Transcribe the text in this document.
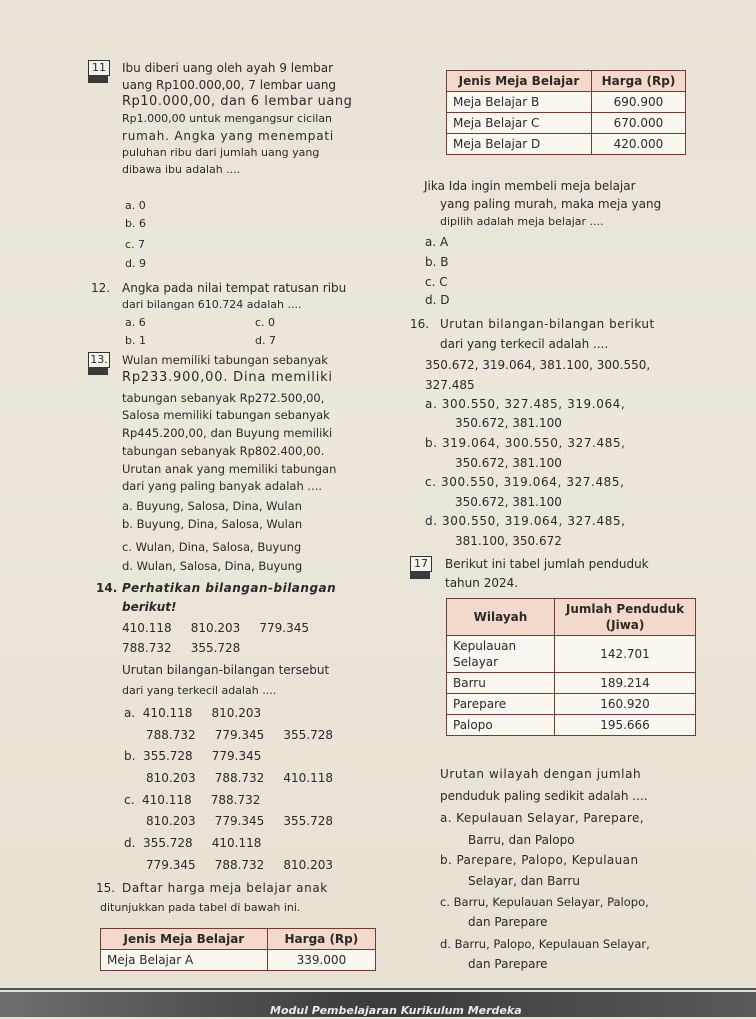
11	Ibu diberi uang oleh ayah 9 lembar
uang Rp100.000,00, 7 lembar uang
Rp10.000,00, dan 6 lembar uang
Rp1.000,00 untuk mengangsur cicilan
rumah. Angka yang menempati
puluhan ribu dari jumlah uang yang
dibawa ibu adalah ....
a. 0
b. 6
c. 7
d. 9
12. Angka pada nilai tempat ratusan ribu
dari bilangan 610.724 adalah ....
a. 6
b. 1
c. 0
d. 7
13. Wulan memiliki tabungan sebanyak
Rp233.900,00. Dina memiliki
tabungan sebanyak Rp272.500,00,
Salosa memiliki tabungan sebanyak
Rp445.200,00, dan Buyung memiliki
tabungan sebanyak Rp802.400,00.
Urutan anak yang memiliki tabungan
dari yang paling banyak adalah ....
a. Buyung, Salosa, Dina, Wulan
b. Buyung, Dina, Salosa, Wulan
c. Wulan, Dina, Salosa, Buyung
d. Wulan, Salosa, Dina, Buyung
14. Perhatikan bilangan-bilangan
berikut!
410.118     810.203     779.345
788.732     355.728
Urutan bilangan-bilangan tersebut
dari yang terkecil adalah ....
a.  410.118     810.203
788.732     779.345     355.728
b.  355.728     779.345
810.203     788.732     410.118
c.  410.118     788.732
810.203     779.345     355.728
d.  355.728     410.118
779.345     788.732     810.203
15. Daftar harga meja belajar anak
ditunjukkan pada tabel di bawah ini.
Jenis Meja Belajar	Harga (Rp)
Meja Belajar A	339.000
Jenis Meja Belajar	Harga (Rp)
Meja Belajar B	690.900
Meja Belajar C	670.000
Meja Belajar D	420.000
Jika Ida ingin membeli meja belajar
yang paling murah, maka meja yang
dipilih adalah meja belajar ....
a. A
b. B
c. C
d. D
16. Urutan bilangan-bilangan berikut
dari yang terkecil adalah ....
350.672, 319.064, 381.100, 300.550,
327.485
a. 300.550, 327.485, 319.064,
350.672, 381.100
b. 319.064, 300.550, 327.485,
350.672, 381.100
c. 300.550, 319.064, 327.485,
350.672, 381.100
d. 300.550, 319.064, 327.485,
381.100, 350.672
17	Berikut ini tabel jumlah penduduk
tahun 2024.
Wilayah	Jumlah Penduduk (Jiwa)
Kepulauan Selayar	142.701
Barru	189.214
Parepare	160.920
Palopo	195.666
Urutan wilayah dengan jumlah
penduduk paling sedikit adalah ....
a. Kepulauan Selayar, Parepare,
Barru, dan Palopo
b. Parepare, Palopo, Kepulauan
Selayar, dan Barru
c. Barru, Kepulauan Selayar, Palopo,
dan Parepare
d. Barru, Palopo, Kepulauan Selayar,
dan Parepare
Modul Pembelajaran Kurikulum Merdeka
